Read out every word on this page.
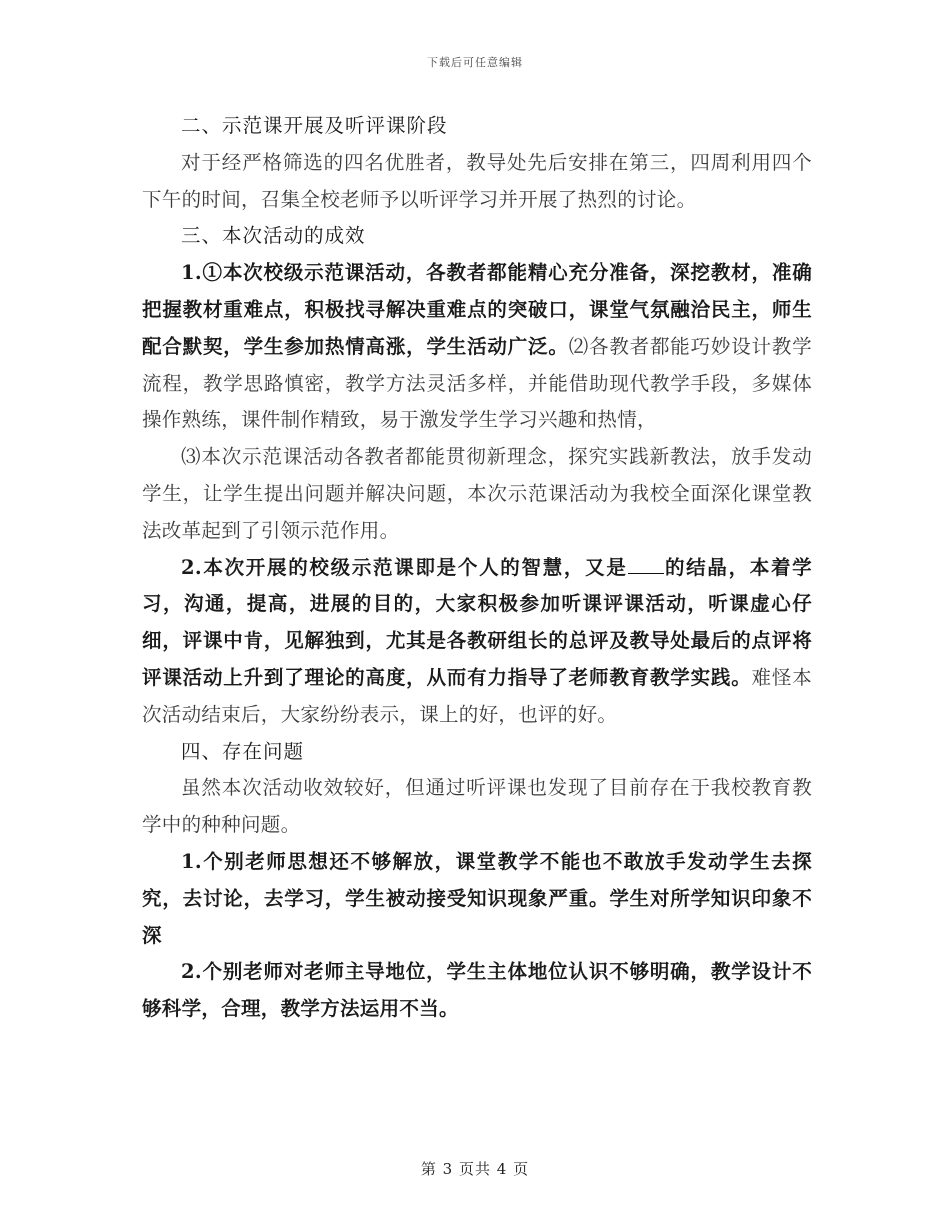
下载后可任意编辑

二、示范课开展及听评课阶段

对于经严格筛选的四名优胜者，教导处先后安排在第三，四周利用四个下午的时间，召集全校老师予以听评学习并开展了热烈的讨论。

三、本次活动的成效

1.①本次校级示范课活动，各教者都能精心充分准备，深挖教材，准确把握教材重难点，积极找寻解决重难点的突破口，课堂气氛融洽民主，师生配合默契，学生参加热情高涨，学生活动广泛。⑵各教者都能巧妙设计教学流程，教学思路慎密，教学方法灵活多样，并能借助现代教学手段，多媒体操作熟练，课件制作精致，易于激发学生学习兴趣和热情，

⑶本次示范课活动各教者都能贯彻新理念，探究实践新教法，放手发动学生，让学生提出问题并解决问题，本次示范课活动为我校全面深化课堂教法改革起到了引领示范作用。

2.本次开展的校级示范课即是个人的智慧，又是 的结晶，本着学习，沟通，提高，进展的目的，大家积极参加听课评课活动，听课虚心仔细，评课中肯，见解独到，尤其是各教研组长的总评及教导处最后的点评将评课活动上升到了理论的高度，从而有力指导了老师教育教学实践。难怪本次活动结束后，大家纷纷表示，课上的好，也评的好。

四、存在问题

虽然本次活动收效较好，但通过听评课也发现了目前存在于我校教育教学中的种种问题。

1.个别老师思想还不够解放，课堂教学不能也不敢放手发动学生去探究，去讨论，去学习，学生被动接受知识现象严重。学生对所学知识印象不深

2.个别老师对老师主导地位，学生主体地位认识不够明确，教学设计不够科学，合理，教学方法运用不当。

第 3 页共 4 页
